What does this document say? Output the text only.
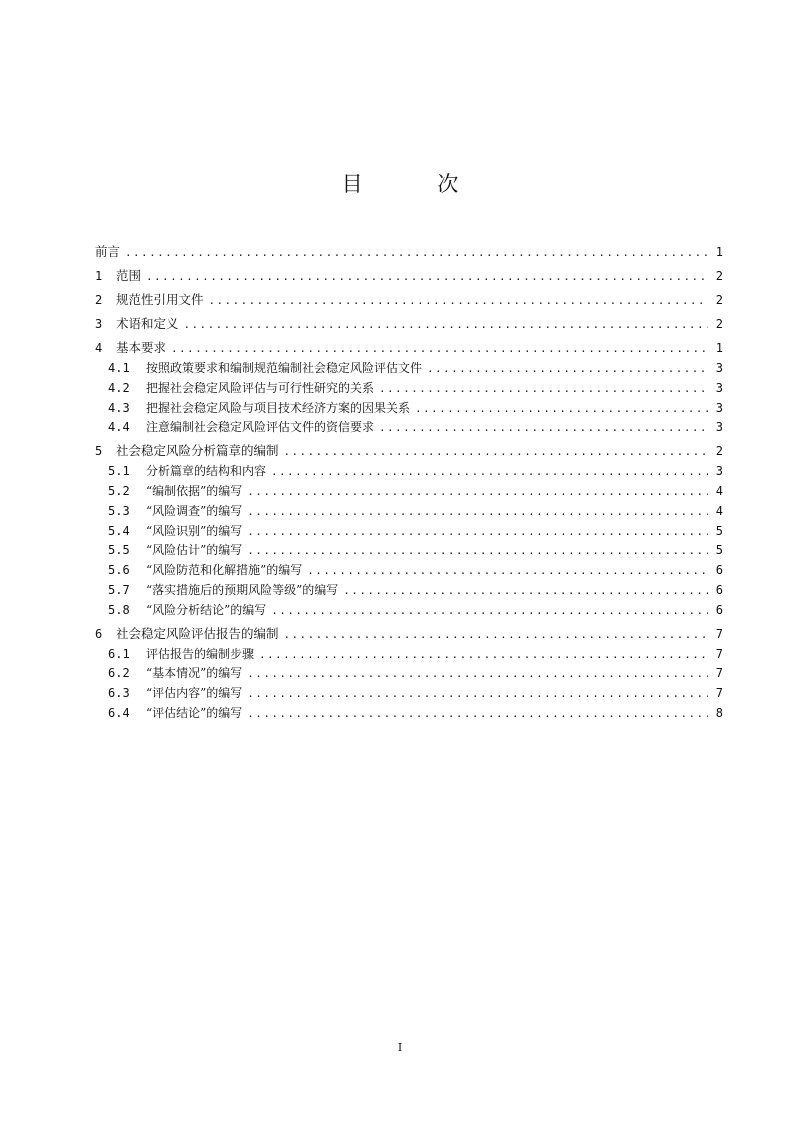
目 次
前言 .....	1
1	范围 .....	2
2	规范性引用文件 .....	2
3	术语和定义 .....	2
4	基本要求 .....	1
4.1	按照政策要求和编制规范编制社会稳定风险评估文件 .....	3
4.2	把握社会稳定风险评估与可行性研究的关系 .....	3
4.3	把握社会稳定风险与项目技术经济方案的因果关系 .....	3
4.4	注意编制社会稳定风险评估文件的资信要求 .....	3
5	社会稳定风险分析篇章的编制 .....	2
5.1	分析篇章的结构和内容 .....	3
5.2	“编制依据”的编写 .....	4
5.3	“风险调查”的编写 .....	4
5.4	“风险识别”的编写 .....	5
5.5	“风险估计”的编写 .....	5
5.6	“风险防范和化解措施”的编写 .....	6
5.7	“落实措施后的预期风险等级”的编写 .....	6
5.8	“风险分析结论”的编写 .....	6
6	社会稳定风险评估报告的编制 .....	7
6.1	评估报告的编制步骤 .....	7
6.2	“基本情况”的编写 .....	7
6.3	“评估内容”的编写 .....	7
6.4	“评估结论”的编写 .....	8
I
